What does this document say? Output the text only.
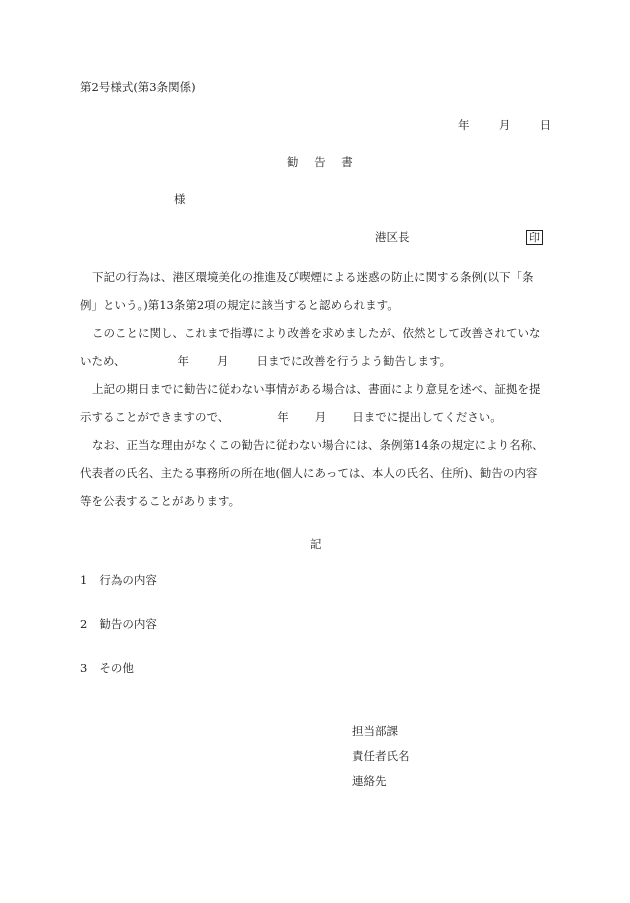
第2号様式(第3条関係)
年	月	日
勧 告 書
様
港区長	印
下記の行為は、港区環境美化の推進及び喫煙による迷惑の防止に関する条例(以下「条
例」という。)第13条第2項の規定に該当すると認められます。
このことに関し、これまで指導により改善を求めましたが、依然として改善されていな
いため、	年 月 日までに改善を行うよう勧告します。
上記の期日までに勧告に従わない事情がある場合は、書面により意見を述べ、証拠を提
示することができますので、	年 月 日までに提出してください。
なお、正当な理由がなくこの勧告に従わない場合には、条例第14条の規定により名称、
代表者の氏名、主たる事務所の所在地(個人にあっては、本人の氏名、住所)、勧告の内容
等を公表することがあります。
記
1 行為の内容
2 勧告の内容
3 その他
担当部課
責任者氏名
連絡先
